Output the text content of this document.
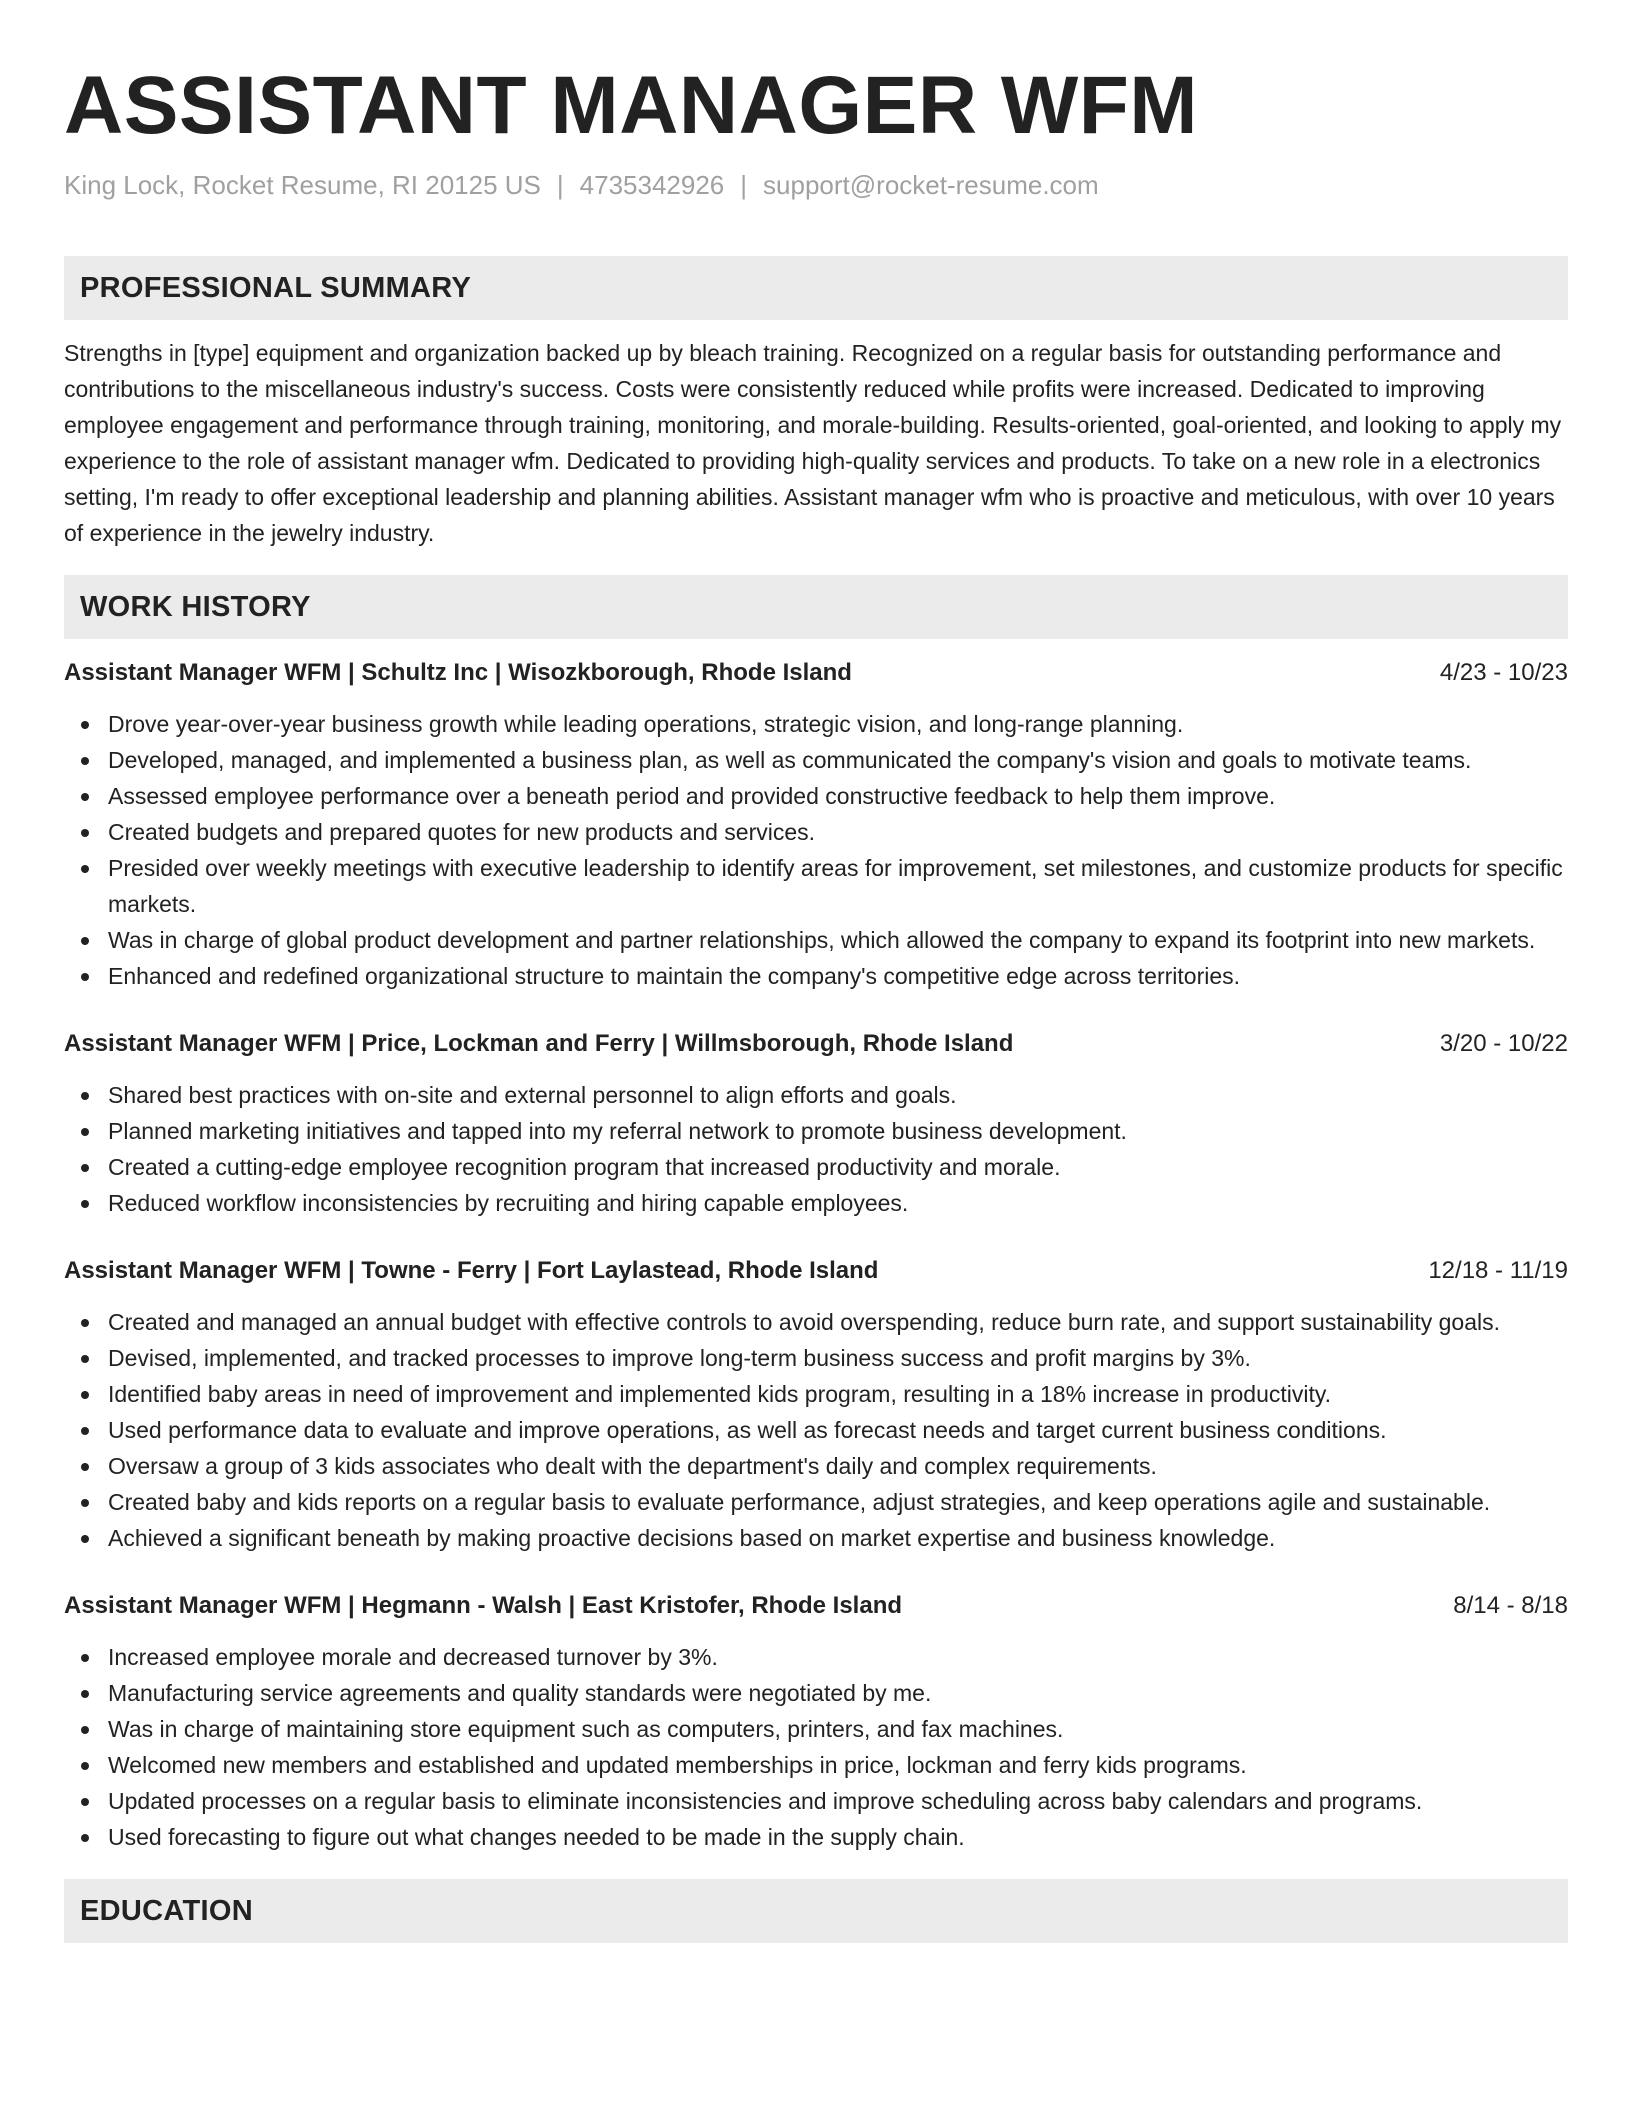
ASSISTANT MANAGER WFM
King Lock, Rocket Resume, RI 20125 US | 4735342926 | support@rocket-resume.com
PROFESSIONAL SUMMARY
Strengths in [type] equipment and organization backed up by bleach training. Recognized on a regular basis for outstanding performance and contributions to the miscellaneous industry's success. Costs were consistently reduced while profits were increased. Dedicated to improving employee engagement and performance through training, monitoring, and morale-building. Results-oriented, goal-oriented, and looking to apply my experience to the role of assistant manager wfm. Dedicated to providing high-quality services and products. To take on a new role in a electronics setting, I'm ready to offer exceptional leadership and planning abilities. Assistant manager wfm who is proactive and meticulous, with over 10 years of experience in the jewelry industry.
WORK HISTORY
Assistant Manager WFM | Schultz Inc | Wisozkborough, Rhode Island	4/23 - 10/23
Drove year-over-year business growth while leading operations, strategic vision, and long-range planning.
Developed, managed, and implemented a business plan, as well as communicated the company's vision and goals to motivate teams.
Assessed employee performance over a beneath period and provided constructive feedback to help them improve.
Created budgets and prepared quotes for new products and services.
Presided over weekly meetings with executive leadership to identify areas for improvement, set milestones, and customize products for specific markets.
Was in charge of global product development and partner relationships, which allowed the company to expand its footprint into new markets.
Enhanced and redefined organizational structure to maintain the company's competitive edge across territories.
Assistant Manager WFM | Price, Lockman and Ferry | Willmsborough, Rhode Island	3/20 - 10/22
Shared best practices with on-site and external personnel to align efforts and goals.
Planned marketing initiatives and tapped into my referral network to promote business development.
Created a cutting-edge employee recognition program that increased productivity and morale.
Reduced workflow inconsistencies by recruiting and hiring capable employees.
Assistant Manager WFM | Towne - Ferry | Fort Laylastead, Rhode Island	12/18 - 11/19
Created and managed an annual budget with effective controls to avoid overspending, reduce burn rate, and support sustainability goals.
Devised, implemented, and tracked processes to improve long-term business success and profit margins by 3%.
Identified baby areas in need of improvement and implemented kids program, resulting in a 18% increase in productivity.
Used performance data to evaluate and improve operations, as well as forecast needs and target current business conditions.
Oversaw a group of 3 kids associates who dealt with the department's daily and complex requirements.
Created baby and kids reports on a regular basis to evaluate performance, adjust strategies, and keep operations agile and sustainable.
Achieved a significant beneath by making proactive decisions based on market expertise and business knowledge.
Assistant Manager WFM | Hegmann - Walsh | East Kristofer, Rhode Island	8/14 - 8/18
Increased employee morale and decreased turnover by 3%.
Manufacturing service agreements and quality standards were negotiated by me.
Was in charge of maintaining store equipment such as computers, printers, and fax machines.
Welcomed new members and established and updated memberships in price, lockman and ferry kids programs.
Updated processes on a regular basis to eliminate inconsistencies and improve scheduling across baby calendars and programs.
Used forecasting to figure out what changes needed to be made in the supply chain.
EDUCATION
